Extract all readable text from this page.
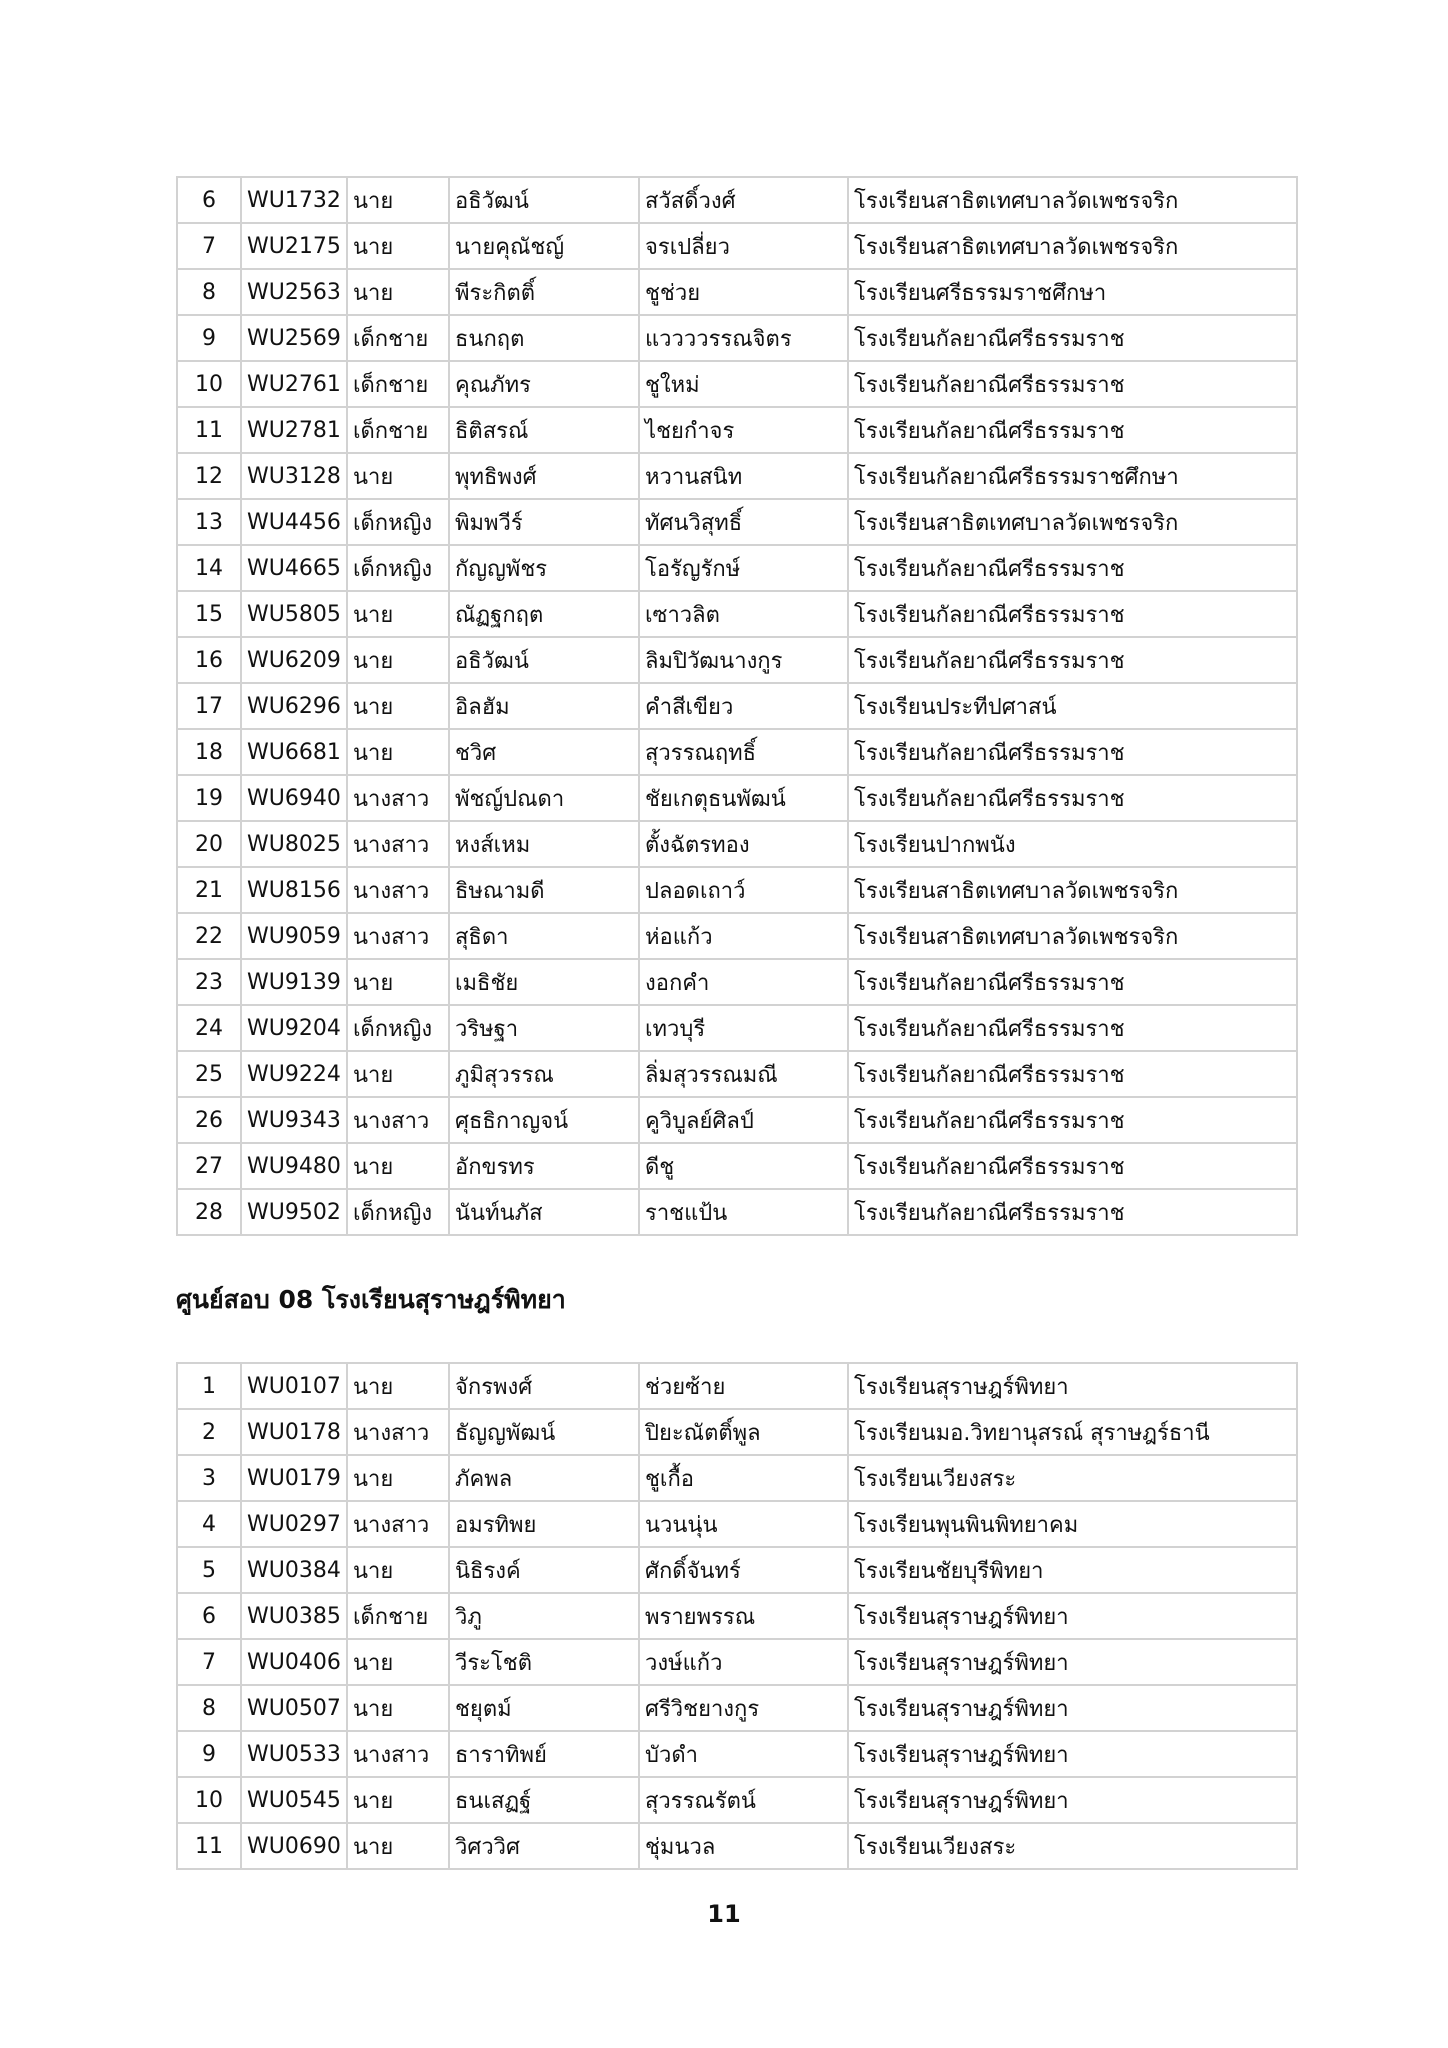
6	WU1732	นาย	อธิวัฒน์	สวัสดิ์วงศ์	โรงเรียนสาธิตเทศบาลวัดเพชรจริก
7	WU2175	นาย	นายคุณัชญ์	จรเปลี่ยว	โรงเรียนสาธิตเทศบาลวัดเพชรจริก
8	WU2563	นาย	พีระกิตติ์	ชูช่วย	โรงเรียนศรีธรรมราชศึกษา
9	WU2569	เด็กชาย	ธนกฤต	แววววรรณจิตร	โรงเรียนกัลยาณีศรีธรรมราช
10	WU2761	เด็กชาย	คุณภัทร	ชูใหม่	โรงเรียนกัลยาณีศรีธรรมราช
11	WU2781	เด็กชาย	ธิติสรณ์	ไชยกำจร	โรงเรียนกัลยาณีศรีธรรมราช
12	WU3128	นาย	พุทธิพงศ์	หวานสนิท	โรงเรียนกัลยาณีศรีธรรมราชศึกษา
13	WU4456	เด็กหญิง	พิมพวีร์	ทัศนวิสุทธิ์	โรงเรียนสาธิตเทศบาลวัดเพชรจริก
14	WU4665	เด็กหญิง	กัญญพัชร	โอรัญรักษ์	โรงเรียนกัลยาณีศรีธรรมราช
15	WU5805	นาย	ณัฏฐกฤต	เซาวลิต	โรงเรียนกัลยาณีศรีธรรมราช
16	WU6209	นาย	อธิวัฒน์	ลิมปิวัฒนางกูร	โรงเรียนกัลยาณีศรีธรรมราช
17	WU6296	นาย	อิลฮัม	คำสีเขียว	โรงเรียนประทีปศาสน์
18	WU6681	นาย	ชวิศ	สุวรรณฤทธิ์	โรงเรียนกัลยาณีศรีธรรมราช
19	WU6940	นางสาว	พัชญ์ปณดา	ชัยเกตุธนพัฒน์	โรงเรียนกัลยาณีศรีธรรมราช
20	WU8025	นางสาว	หงส์เหม	ตั้งฉัตรทอง	โรงเรียนปากพนัง
21	WU8156	นางสาว	ธิษณามดี	ปลอดเถาว์	โรงเรียนสาธิตเทศบาลวัดเพชรจริก
22	WU9059	นางสาว	สุธิดา	ห่อแก้ว	โรงเรียนสาธิตเทศบาลวัดเพชรจริก
23	WU9139	นาย	เมธิชัย	งอกคำ	โรงเรียนกัลยาณีศรีธรรมราช
24	WU9204	เด็กหญิง	วริษฐา	เทวบุรี	โรงเรียนกัลยาณีศรีธรรมราช
25	WU9224	นาย	ภูมิสุวรรณ	ลิ่มสุวรรณมณี	โรงเรียนกัลยาณีศรีธรรมราช
26	WU9343	นางสาว	ศุธธิกาญจน์	คูวิบูลย์ศิลป์	โรงเรียนกัลยาณีศรีธรรมราช
27	WU9480	นาย	อักขรทร	ดีชู	โรงเรียนกัลยาณีศรีธรรมราช
28	WU9502	เด็กหญิง	นันท์นภัส	ราชแป้น	โรงเรียนกัลยาณีศรีธรรมราช
ศูนย์สอบ 08 โรงเรียนสุราษฎร์พิทยา
1	WU0107	นาย	จักรพงศ์	ช่วยซ้าย	โรงเรียนสุราษฎร์พิทยา
2	WU0178	นางสาว	ธัญญพัฒน์	ปิยะณัตติ์พูล	โรงเรียนมอ.วิทยานุสรณ์ สุราษฎร์ธานี
3	WU0179	นาย	ภัคพล	ชูเกื้อ	โรงเรียนเวียงสระ
4	WU0297	นางสาว	อมรทิพย	นวนนุ่น	โรงเรียนพุนพินพิทยาคม
5	WU0384	นาย	นิธิรงค์	ศักดิ์จันทร์	โรงเรียนชัยบุรีพิทยา
6	WU0385	เด็กชาย	วิภู	พรายพรรณ	โรงเรียนสุราษฎร์พิทยา
7	WU0406	นาย	วีระโชติ	วงษ์แก้ว	โรงเรียนสุราษฎร์พิทยา
8	WU0507	นาย	ชยุตม์	ศรีวิชยางกูร	โรงเรียนสุราษฎร์พิทยา
9	WU0533	นางสาว	ธาราทิพย์	บัวดำ	โรงเรียนสุราษฎร์พิทยา
10	WU0545	นาย	ธนเสฏฐ์	สุวรรณรัตน์	โรงเรียนสุราษฎร์พิทยา
11	WU0690	นาย	วิศววิศ	ชุ่มนวล	โรงเรียนเวียงสระ
11
